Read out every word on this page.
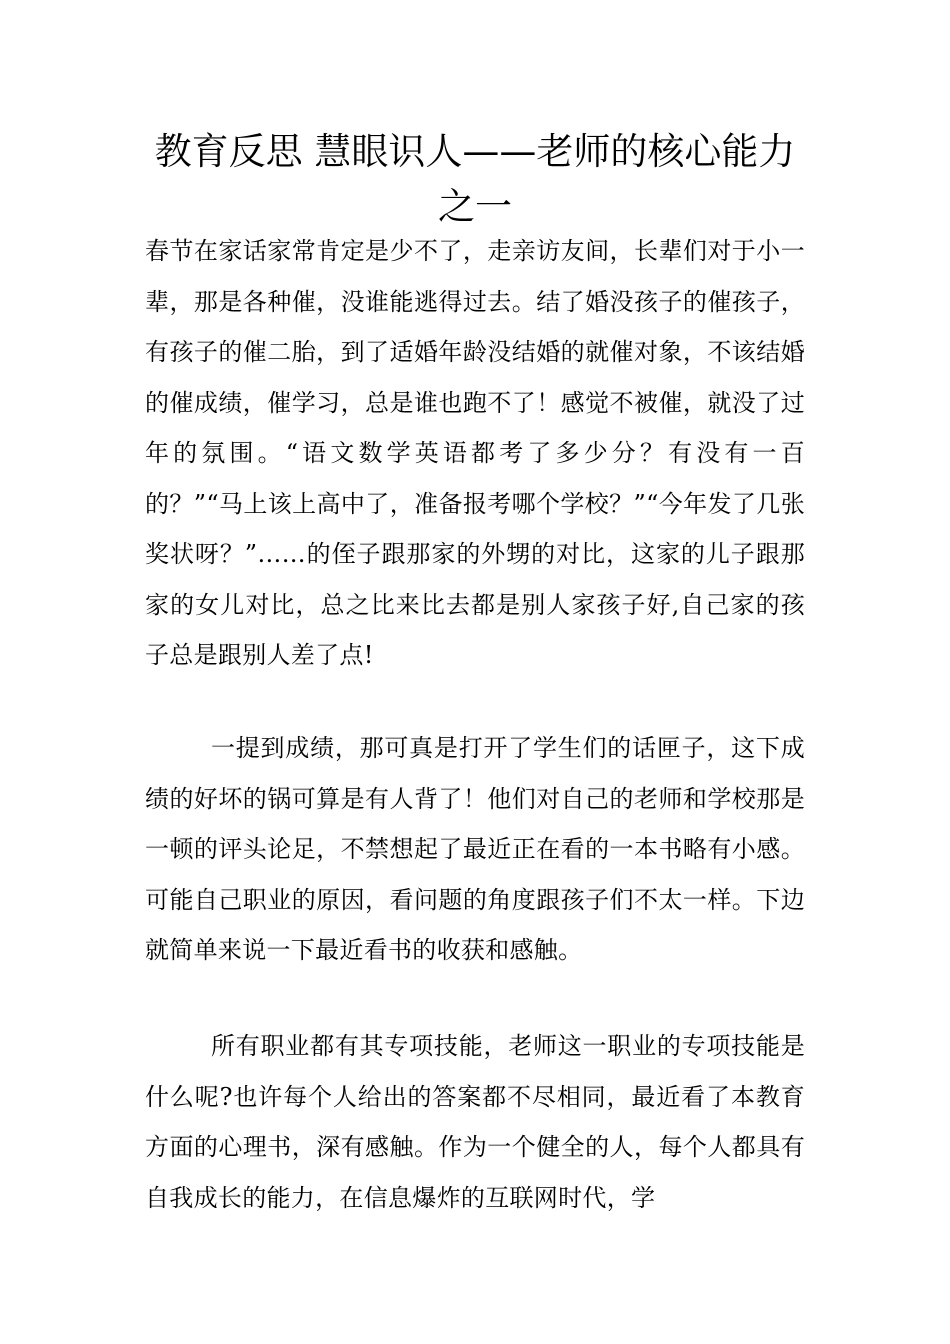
教育反思 慧眼识人——老师的核心能力之一

春节在家话家常肯定是少不了，走亲访友间，长辈们对于小一辈，那是各种催，没谁能逃得过去。结了婚没孩子的催孩子，有孩子的催二胎，到了适婚年龄没结婚的就催对象，不该结婚的催成绩，催学习，总是谁也跑不了！感觉不被催，就没了过年的氛围。“语文数学英语都考了多少分？有没有一百的？”“马上该上高中了，准备报考哪个学校？”“今年发了几张奖状呀？”……的侄子跟那家的外甥的对比，这家的儿子跟那家的女儿对比，总之比来比去都是别人家孩子好,自己家的孩子总是跟别人差了点!

一提到成绩，那可真是打开了学生们的话匣子，这下成绩的好坏的锅可算是有人背了！他们对自己的老师和学校那是一顿的评头论足，不禁想起了最近正在看的一本书略有小感。可能自己职业的原因，看问题的角度跟孩子们不太一样。下边就简单来说一下最近看书的收获和感触。

所有职业都有其专项技能，老师这一职业的专项技能是什么呢?也许每个人给出的答案都不尽相同，最近看了本教育方面的心理书，深有感触。作为一个健全的人，每个人都具有自我成长的能力，在信息爆炸的互联网时代，学
